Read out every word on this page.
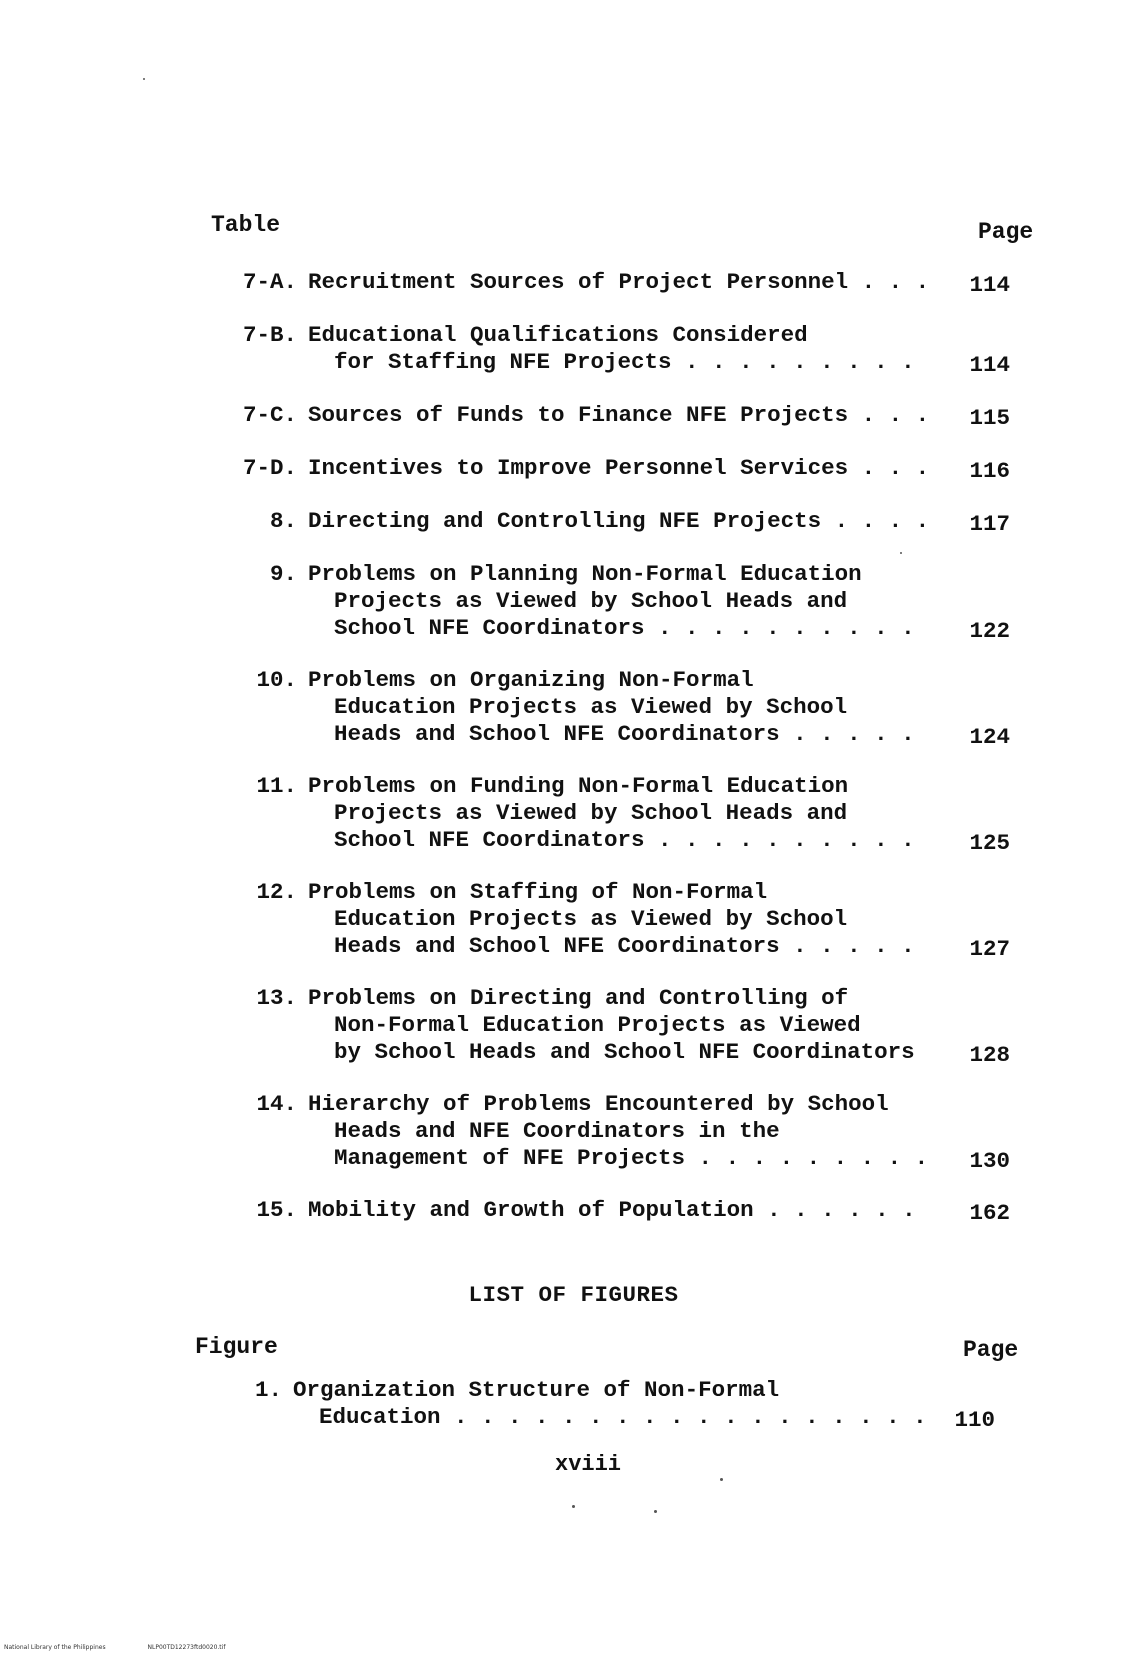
Table	Page
7-A. Recruitment Sources of Project Personnel . . . 114
7-B. Educational Qualifications Considered
for Staffing NFE Projects . . . . . . . . .	114
7-C. Sources of Funds to Finance NFE Projects . . . 115
7-D. Incentives to Improve Personnel Services . . . 116
8. Directing and Controlling NFE Projects . . . . 117
9. Problems on Planning Non-Formal Education
Projects as Viewed by School Heads and
School NFE Coordinators . . . . . . . . . .	122
10. Problems on Organizing Non-Formal
Education Projects as Viewed by School
Heads and School NFE Coordinators . . . . .	124
11. Problems on Funding Non-Formal Education
Projects as Viewed by School Heads and
School NFE Coordinators . . . . . . . . . .	125
12. Problems on Staffing of Non-Formal
Education Projects as Viewed by School
Heads and School NFE Coordinators . . . . .	127
13. Problems on Directing and Controlling of
Non-Formal Education Projects as Viewed
by School Heads and School NFE Coordinators	128
14. Hierarchy of Problems Encountered by School
Heads and NFE Coordinators in the
Management of NFE Projects . . . . . . . . . 130
15. Mobility and Growth of Population . . . . . .	162
LIST OF FIGURES
Figure	Page
1. Organization Structure of Non-Formal
Education . . . . . . . . . . . . . . . . . . 110
xviii
National Library of the Philippines	NLP00TD12273ftd0020.tif
